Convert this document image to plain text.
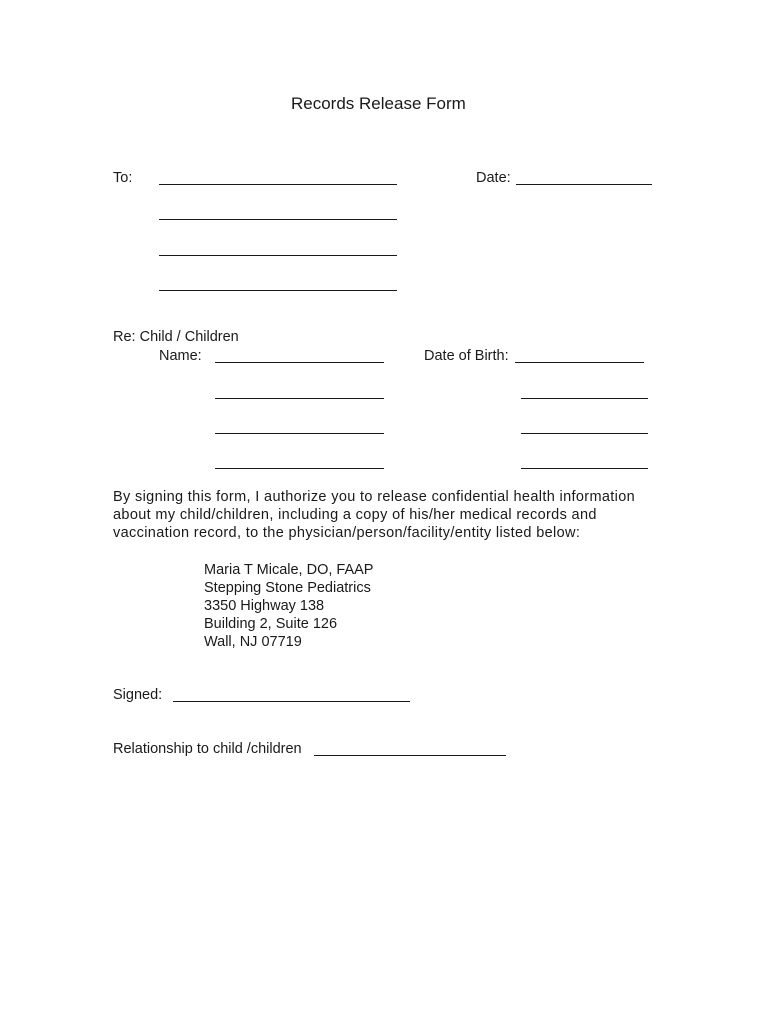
Records Release Form
To:	Date:
Re: Child / Children
Name:	Date of Birth:
By signing this form, I authorize you to release confidential health information
about my child/children, including a copy of his/her medical records and
vaccination record, to the physician/person/facility/entity listed below:
Maria T Micale, DO, FAAP
Stepping Stone Pediatrics
3350 Highway 138
Building 2, Suite 126
Wall, NJ 07719
Signed:
Relationship to child /children
